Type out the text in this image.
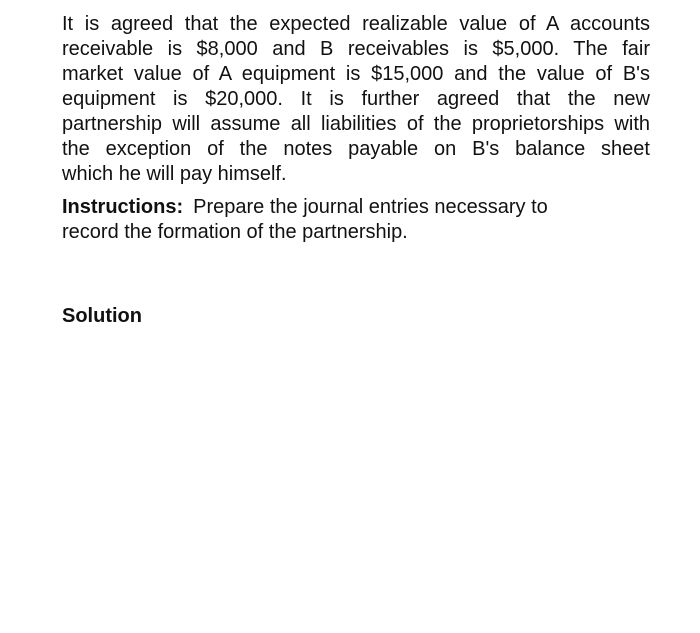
It is agreed that the expected realizable value of A accounts
receivable is $8,000 and B receivables is $5,000. The fair
market value of A equipment is $15,000 and the value of B's
equipment is $20,000. It is further agreed that the new
partnership will assume all liabilities of the proprietorships with
the exception of the notes payable on B's balance sheet
which he will pay himself.

Instructions: Prepare the journal entries necessary to
record the formation of the partnership.
Solution
